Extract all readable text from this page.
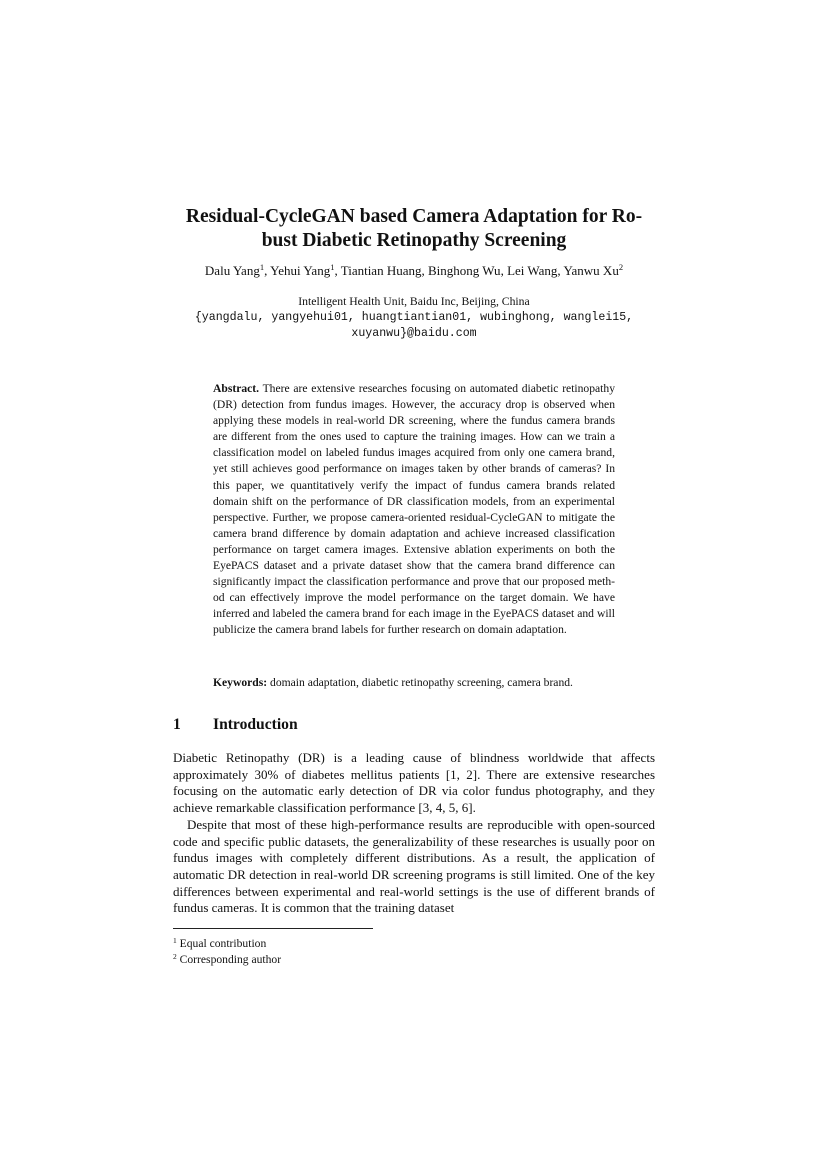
Residual-CycleGAN based Camera Adaptation for Ro-
bust Diabetic Retinopathy Screening
Dalu Yang$^1$, Yehui Yang$^1$, Tiantian Huang, Binghong Wu, Lei Wang, Yanwu Xu$^2$
Intelligent Health Unit, Baidu Inc, Beijing, China
{yangdalu, yangyehui01, huangtiantian01, wubinghong, wanglei15,
xuyanwu}@baidu.com
Abstract. There are extensive researches focusing on automated diabetic retinopathy (DR) detection from fundus images. However, the accuracy drop is observed when applying these models in real-world DR screening, where the fundus camera brands are different from the ones used to capture the training images. How can we train a classification model on labeled fundus images acquired from only one camera brand, yet still achieves good performance on images taken by other brands of cameras? In this paper, we quantitatively verify the impact of fundus camera brands related domain shift on the performance of DR classification models, from an experimental perspective. Further, we propose camera-oriented residual-CycleGAN to mitigate the camera brand difference by domain adaptation and achieve increased classification performance on target camera images. Extensive ablation experiments on both the EyePACS dataset and a private dataset show that the camera brand difference can significantly impact the classification performance and prove that our proposed method can effectively improve the model performance on the target domain. We have inferred and labeled the camera brand for each image in the EyePACS dataset and will publicize the camera brand labels for further research on domain adaptation.
Keywords: domain adaptation, diabetic retinopathy screening, camera brand.
1 Introduction

Diabetic Retinopathy (DR) is a leading cause of blindness worldwide that affects approximately 30% of diabetes mellitus patients [1, 2]. There are extensive researches focusing on the automatic early detection of DR via color fundus photography, and they achieve remarkable classification performance [3, 4, 5, 6].

Despite that most of these high-performance results are reproducible with open-sourced code and specific public datasets, the generalizability of these researches is usually poor on fundus images with completely different distributions. As a result, the application of automatic DR detection in real-world DR screening programs is still limited. One of the key differences between experimental and real-world settings is the use of different brands of fundus cameras. It is common that the training dataset

$^1$ Equal contribution
$^2$ Corresponding author
